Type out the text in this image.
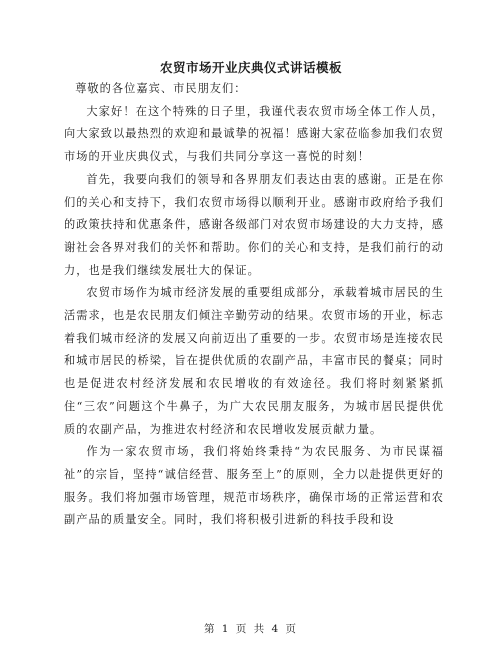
农贸市场开业庆典仪式讲话模板

尊敬的各位嘉宾、市民朋友们：

大家好！在这个特殊的日子里，我谨代表农贸市场全体工作人员，向大家致以最热烈的欢迎和最诚挚的祝福！感谢大家莅临参加我们农贸市场的开业庆典仪式，与我们共同分享这一喜悦的时刻！

首先，我要向我们的领导和各界朋友们表达由衷的感谢。正是在你们的关心和支持下，我们农贸市场得以顺利开业。感谢市政府给予我们的政策扶持和优惠条件，感谢各级部门对农贸市场建设的大力支持，感谢社会各界对我们的关怀和帮助。你们的关心和支持，是我们前行的动力，也是我们继续发展壮大的保证。

农贸市场作为城市经济发展的重要组成部分，承载着城市居民的生活需求，也是农民朋友们倾注辛勤劳动的结果。农贸市场的开业，标志着我们城市经济的发展又向前迈出了重要的一步。农贸市场是连接农民和城市居民的桥梁，旨在提供优质的农副产品，丰富市民的餐桌；同时也是促进农村经济发展和农民增收的有效途径。我们将时刻紧紧抓住“三农”问题这个牛鼻子，为广大农民朋友服务，为城市居民提供优质的农副产品，为推进农村经济和农民增收发展贡献力量。

作为一家农贸市场，我们将始终秉持“为农民服务、为市民谋福祉”的宗旨，坚持“诚信经营、服务至上”的原则，全力以赴提供更好的服务。我们将加强市场管理，规范市场秩序，确保市场的正常运营和农副产品的质量安全。同时，我们将积极引进新的科技手段和设

第 1 页 共 4 页
